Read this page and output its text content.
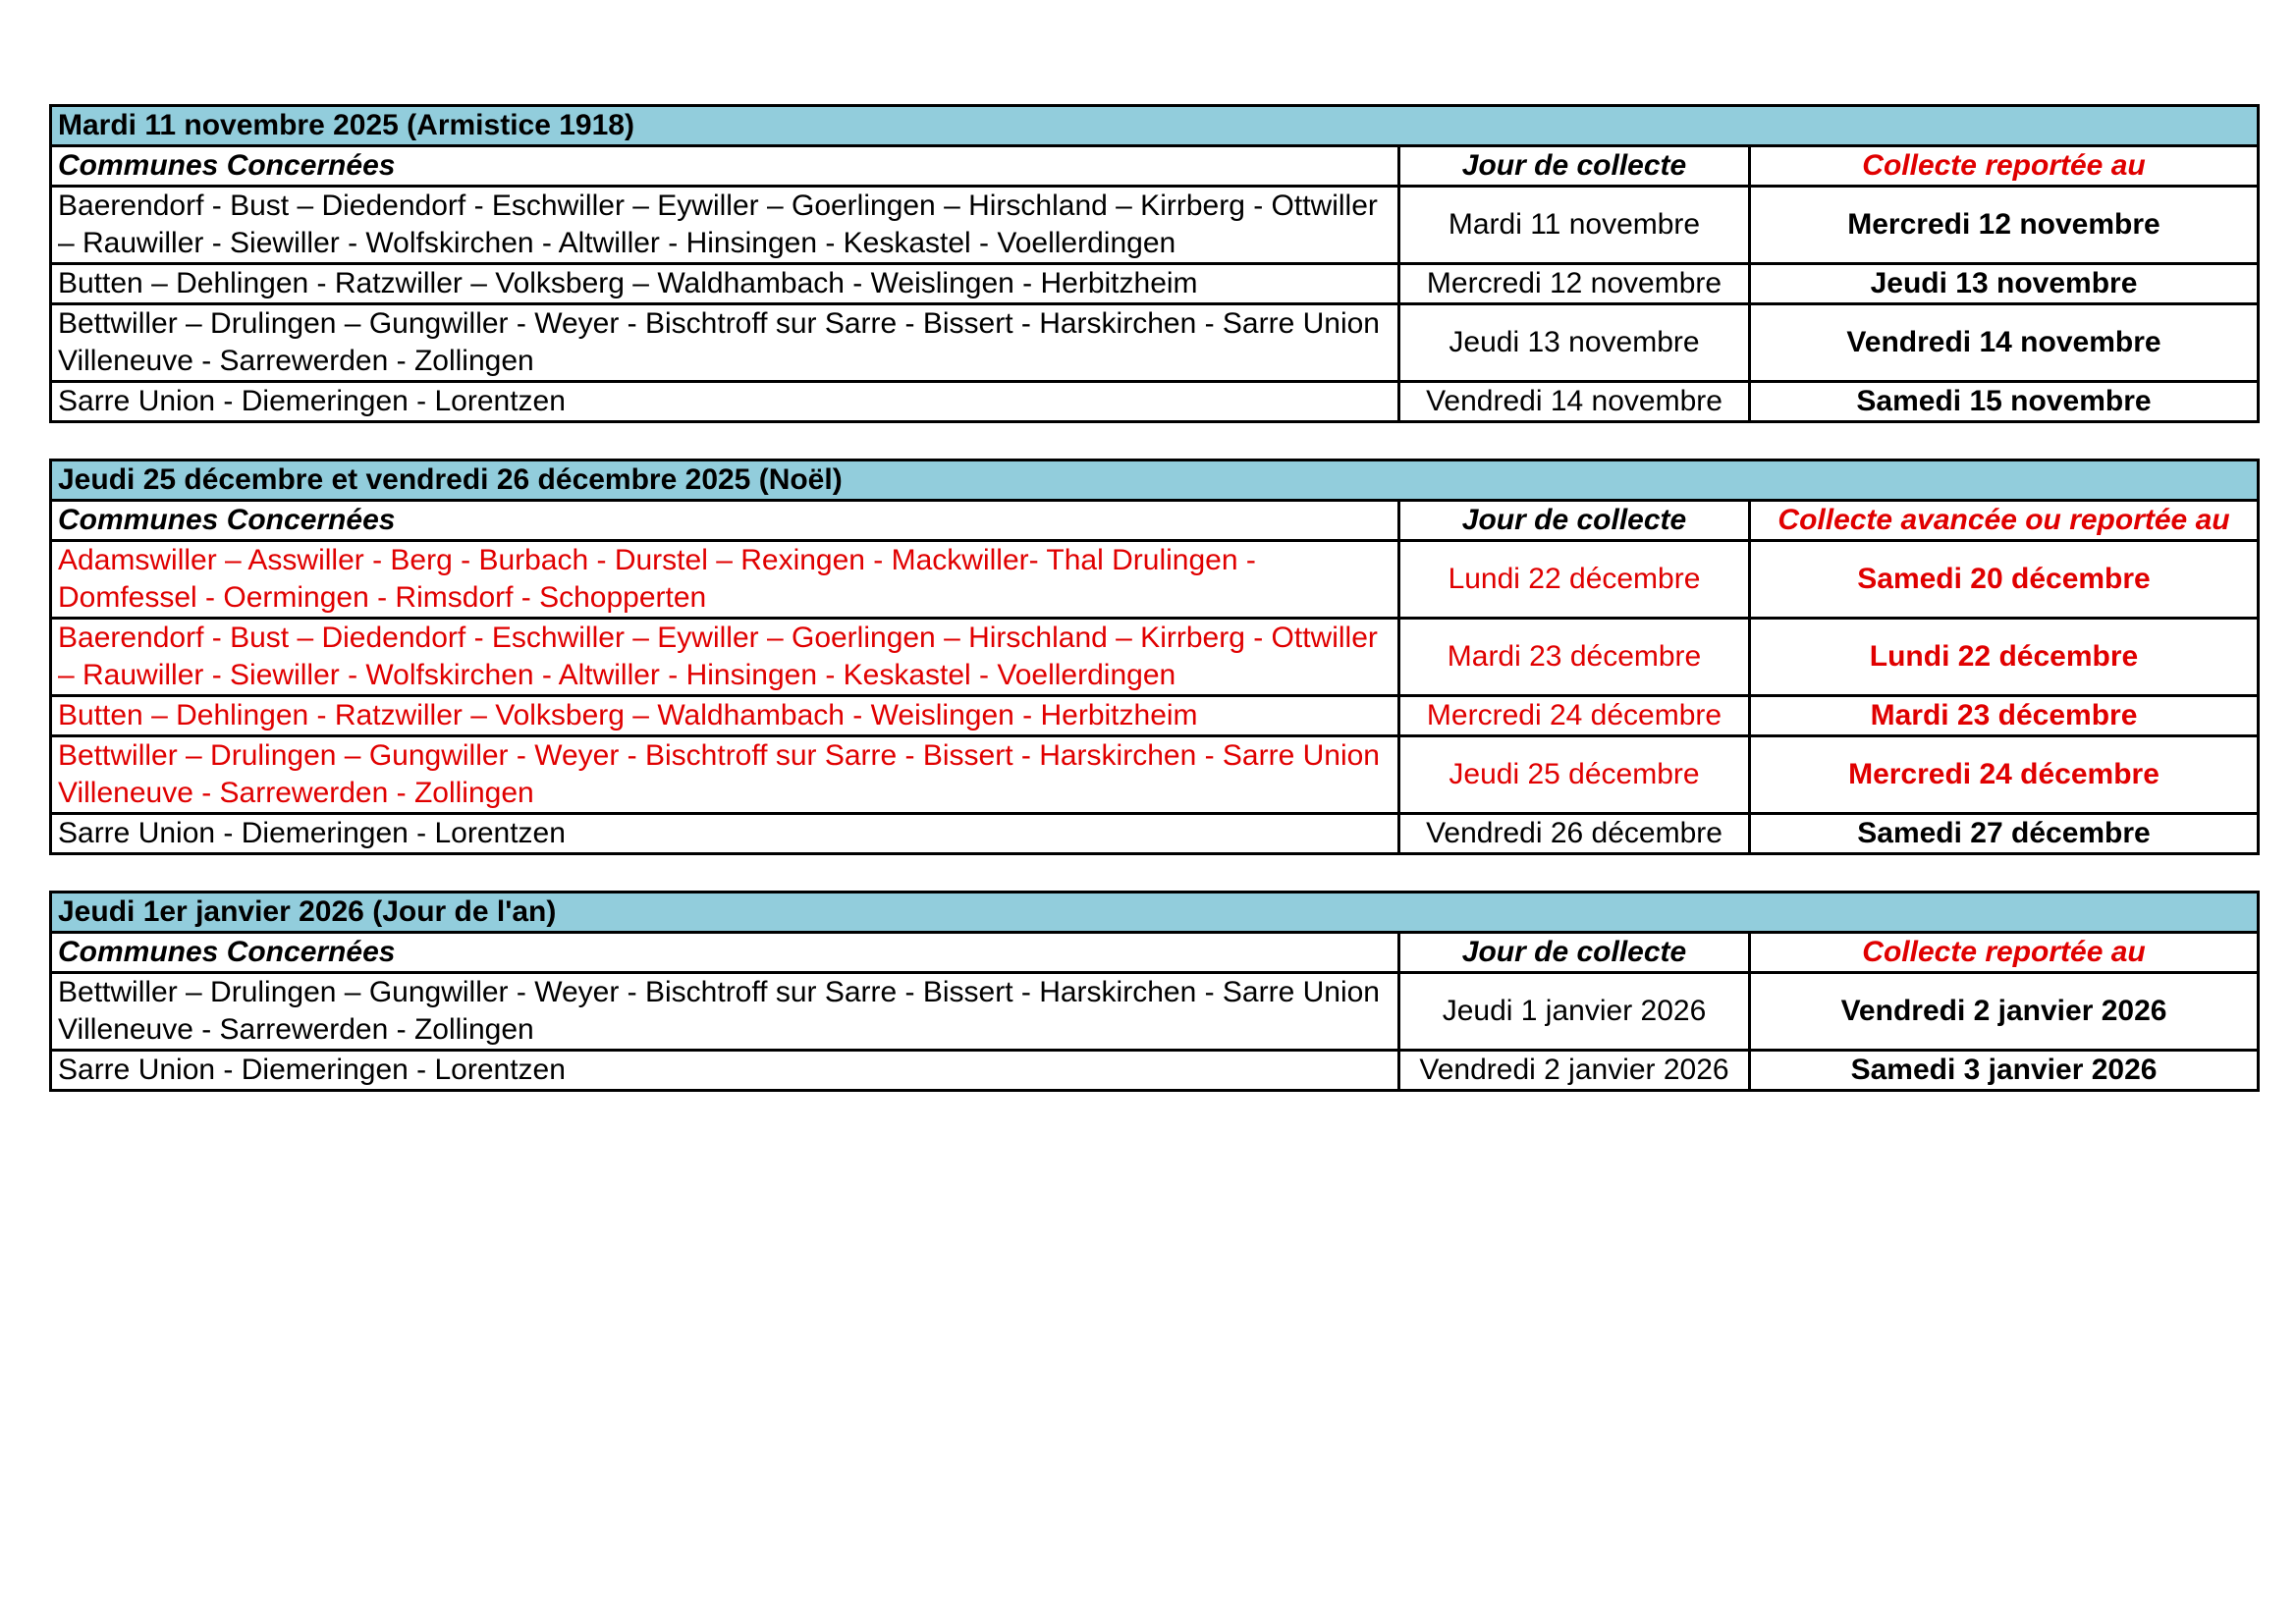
Mardi 11 novembre 2025 (Armistice 1918)		
Communes Concernées	Jour de collecte	Collecte reportée au
Baerendorf - Bust – Diedendorf - Eschwiller – Eywiller – Goerlingen – Hirschland – Kirrberg - Ottwiller – Rauwiller - Siewiller - Wolfskirchen - Altwiller - Hinsingen - Keskastel - Voellerdingen	Mardi 11 novembre	Mercredi 12 novembre
Butten – Dehlingen - Ratzwiller – Volksberg – Waldhambach - Weislingen - Herbitzheim	Mercredi 12 novembre	Jeudi 13 novembre
Bettwiller – Drulingen – Gungwiller - Weyer - Bischtroff sur Sarre - Bissert - Harskirchen - Sarre Union Villeneuve - Sarrewerden - Zollingen	Jeudi 13 novembre	Vendredi 14 novembre
Sarre Union - Diemeringen - Lorentzen	Vendredi 14 novembre	Samedi 15 novembre
Jeudi 25 décembre et vendredi 26 décembre 2025 (Noël)		
Communes Concernées	Jour de collecte	Collecte avancée ou reportée au
Adamswiller – Asswiller - Berg - Burbach - Durstel – Rexingen - Mackwiller- Thal Drulingen - Domfessel - Oermingen - Rimsdorf - Schopperten	Lundi 22 décembre	Samedi 20 décembre
Baerendorf - Bust – Diedendorf - Eschwiller – Eywiller – Goerlingen – Hirschland – Kirrberg - Ottwiller – Rauwiller - Siewiller - Wolfskirchen - Altwiller - Hinsingen - Keskastel - Voellerdingen	Mardi 23 décembre	Lundi 22 décembre
Butten – Dehlingen - Ratzwiller – Volksberg – Waldhambach - Weislingen - Herbitzheim	Mercredi 24 décembre	Mardi 23 décembre
Bettwiller – Drulingen – Gungwiller - Weyer - Bischtroff sur Sarre - Bissert - Harskirchen - Sarre Union Villeneuve - Sarrewerden - Zollingen	Jeudi 25 décembre	Mercredi 24 décembre
Sarre Union - Diemeringen - Lorentzen	Vendredi 26 décembre	Samedi 27 décembre
Jeudi 1er janvier 2026 (Jour de l'an)		
Communes Concernées	Jour de collecte	Collecte reportée au
Bettwiller – Drulingen – Gungwiller - Weyer - Bischtroff sur Sarre - Bissert - Harskirchen - Sarre Union Villeneuve - Sarrewerden - Zollingen	Jeudi 1 janvier 2026	Vendredi 2 janvier 2026
Sarre Union - Diemeringen - Lorentzen	Vendredi 2 janvier 2026	Samedi 3 janvier 2026
